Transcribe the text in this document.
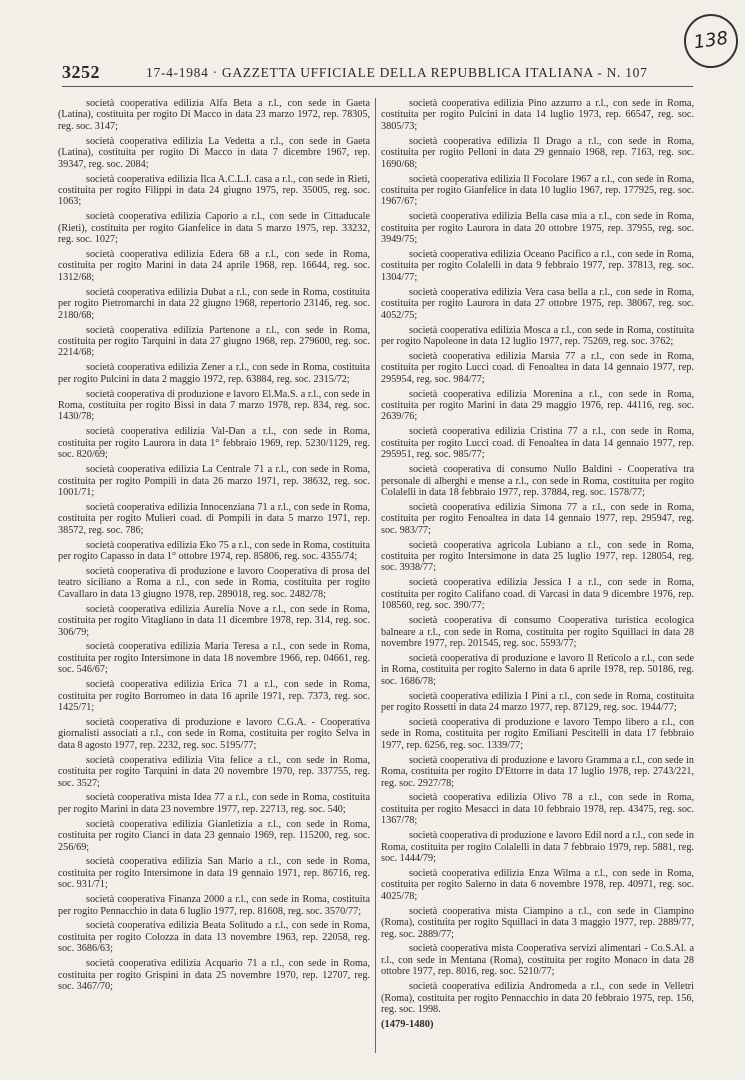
138
3252	17-4-1984 · GAZZETTA UFFICIALE DELLA REPUBBLICA ITALIANA - N. 107

società cooperativa edilizia Alfa Beta a r.l., con sede in Gaeta (Latina), costituita per rogito Di Macco in data 23 marzo 1972, rep. 78305, reg. soc. 3147;

società cooperativa edilizia La Vedetta a r.l., con sede in Gaeta (Latina), costituita per rogito Di Macco in data 7 dicembre 1967, rep. 39347, reg. soc. 2084;

società cooperativa edilizia Ilca A.C.L.I. casa a r.l., con sede in Rieti, costituita per rogito Filippi in data 24 giugno 1975, rep. 35005, reg. soc. 1063;

società cooperativa edilizia Caporio a r.l., con sede in Cittaducale (Rieti), costituita per rogito Gianfelice in data 5 marzo 1975, rep. 33232, reg. soc. 1027;

società cooperativa edilizia Edera 68 a r.l., con sede in Roma, costituita per rogito Marini in data 24 aprile 1968, rep. 16644, reg. soc. 1312/68;

società cooperativa edilizia Dubat a r.l., con sede in Roma, costituita per rogito Pietromarchi in data 22 giugno 1968, repertorio 23146, reg. soc. 2180/68;

società cooperativa edilizia Partenone a r.l., con sede in Roma, costituita per rogito Tarquini in data 27 giugno 1968, rep. 279600, reg. soc. 2214/68;

società cooperativa edilizia Zener a r.l., con sede in Roma, costituita per rogito Pulcini in data 2 maggio 1972, rep. 63884, reg. soc. 2315/72;

società cooperativa di produzione e lavoro El.Ma.S. a r.l., con sede in Roma, costituita per rogito Bissi in data 7 marzo 1978, rep. 834, reg. soc. 1430/78;

società cooperativa edilizia Val-Dan a r.l., con sede in Roma, costituita per rogito Laurora in data 1° febbraio 1969, rep. 5230/1129, reg. soc. 820/69;

società cooperativa edilizia La Centrale 71 a r.l., con sede in Roma, costituita per rogito Pompili in data 26 marzo 1971, rep. 38632, reg. soc. 1001/71;

società cooperativa edilizia Innocenziana 71 a r.l., con sede in Roma, costituita per rogito Mulieri coad. di Pompili in data 5 marzo 1971, rep. 38572, reg. soc. 786;

società cooperativa edilizia Eko 75 a r.l., con sede in Roma, costituita per rogito Capasso in data 1° ottobre 1974, rep. 85806, reg. soc. 4355/74;

società cooperativa di produzione e lavoro Cooperativa di prosa del teatro siciliano a Roma a r.l., con sede in Roma, costituita per rogito Cavallaro in data 13 giugno 1978, rep. 289018, reg. soc. 2482/78;

società cooperativa edilizia Aurelia Nove a r.l., con sede in Roma, costituita per rogito Vitagliano in data 11 dicembre 1978, rep. 314, reg. soc. 306/79;

società cooperativa edilizia Maria Teresa a r.l., con sede in Roma, costituita per rogito Intersimone in data 18 novembre 1966, rep. 04661, reg. soc. 546/67;

società cooperativa edilizia Erica 71 a r.l., con sede in Roma, costituita per rogito Borromeo in data 16 aprile 1971, rep. 7373, reg. soc. 1425/71;

società cooperativa di produzione e lavoro C.G.A. - Cooperativa giornalisti associati a r.l., con sede in Roma, costituita per rogito Selva in data 8 agosto 1977, rep. 2232, reg. soc. 5195/77;

società cooperativa edilizia Vita felice a r.l., con sede in Roma, costituita per rogito Tarquini in data 20 novembre 1970, rep. 337755, reg. soc. 3527;

società cooperativa mista Idea 77 a r.l., con sede in Roma, costituita per rogito Marini in data 23 novembre 1977, rep. 22713, reg. soc. 540;

società cooperativa edilizia Gianletizia a r.l., con sede in Roma, costituita per rogito Cianci in data 23 gennaio 1969, rep. 115200, reg. soc. 256/69;

società cooperativa edilizia San Mario a r.l., con sede in Roma, costituita per rogito Intersimone in data 19 gennaio 1971, rep. 86716, reg. soc. 931/71;

società cooperativa Finanza 2000 a r.l., con sede in Roma, costituita per rogito Pennacchio in data 6 luglio 1977, rep. 81608, reg. soc. 3570/77;

società cooperativa edilizia Beata Solitudo a r.l., con sede in Roma, costituita per rogito Colozza in data 13 novembre 1963, rep. 22058, reg. soc. 3686/63;

società cooperativa edilizia Acquario 71 a r.l., con sede in Roma, costituita per rogito Grispini in data 25 novembre 1970, rep. 12707, reg. soc. 3467/70;

società cooperativa edilizia Pino azzurro a r.l., con sede in Roma, costituita per rogito Pulcini in data 14 luglio 1973, rep. 66547, reg. soc. 3805/73;

società cooperativa edilizia Il Drago a r.l., con sede in Roma, costituita per rogito Pelloni in data 29 gennaio 1968, rep. 7163, reg. soc. 1690/68;

società cooperativa edilizia Il Focolare 1967 a r.l., con sede in Roma, costituita per rogito Gianfelice in data 10 luglio 1967, rep. 177925, reg. soc. 1967/67;

società cooperativa edilizia Bella casa mia a r.l., con sede in Roma, costituita per rogito Laurora in data 20 ottobre 1975, rep. 37955, reg. soc. 3949/75;

società cooperativa edilizia Oceano Pacifico a r.l., con sede in Roma, costituita per rogito Colalelli in data 9 febbraio 1977, rep. 37813, reg. soc. 1304/77;

società cooperativa edilizia Vera casa bella a r.l., con sede in Roma, costituita per rogito Laurora in data 27 ottobre 1975, rep. 38067, reg. soc. 4052/75;

società cooperativa edilizia Mosca a r.l., con sede in Roma, costituita per rogito Napoleone in data 12 luglio 1977, rep. 75269, reg. soc. 3762;

società cooperativa edilizia Marsia 77 a r.l., con sede in Roma, costituita per rogito Lucci coad. di Fenoaltea in data 14 gennaio 1977, rep. 295954, reg. soc. 984/77;

società cooperativa edilizia Morenina a r.l., con sede in Roma, costituita per rogito Marini in data 29 maggio 1976, rep. 44116, reg. soc. 2639/76;

società cooperativa edilizia Cristina 77 a r.l., con sede in Roma, costituita per rogito Lucci coad. di Fenoaltea in data 14 gennaio 1977, rep. 295951, reg. soc. 985/77;

società cooperativa di consumo Nullo Baldini - Cooperativa tra personale di alberghi e mense a r.l., con sede in Roma, costituita per rogito Colalelli in data 18 febbraio 1977, rep. 37884, reg. soc. 1578/77;

società cooperativa edilizia Simona 77 a r.l., con sede in Roma, costituita per rogito Fenoaltea in data 14 gennaio 1977, rep. 295947, reg. soc. 983/77;

società cooperativa agricola Lubiano a r.l., con sede in Roma, costituita per rogito Intersimone in data 25 luglio 1977, rep. 128054, reg. soc. 3938/77;

società cooperativa edilizia Jessica I a r.l., con sede in Roma, costituita per rogito Califano coad. di Varcasi in data 9 dicembre 1976, rep. 108560, reg. soc. 390/77;

società cooperativa di consumo Cooperativa turistica ecologica balneare a r.l., con sede in Roma, costituita per rogito Squillaci in data 28 novembre 1977, rep. 201545, reg. soc. 5593/77;

società cooperativa di produzione e lavoro Il Reticolo a r.l., con sede in Roma, costituita per rogito Salerno in data 6 aprile 1978, rep. 50186, reg. soc. 1686/78;

società cooperativa edilizia I Pini a r.l., con sede in Roma, costituita per rogito Rossetti in data 24 marzo 1977, rep. 87129, reg. soc. 1944/77;

società cooperativa di produzione e lavoro Tempo libero a r.l., con sede in Roma, costituita per rogito Emiliani Pescitelli in data 17 febbraio 1977, rep. 6256, reg. soc. 1339/77;

società cooperativa di produzione e lavoro Gramma a r.l., con sede in Roma, costituita per rogito D'Ettorre in data 17 luglio 1978, rep. 2743/221, reg. soc. 2927/78;

società cooperativa edilizia Olivo 78 a r.l., con sede in Roma, costituita per rogito Mesacci in data 10 febbraio 1978, rep. 43475, reg. soc. 1367/78;

società cooperativa di produzione e lavoro Edil nord a r.l., con sede in Roma, costituita per rogito Colalelli in data 7 febbraio 1979, rep. 5881, reg. soc. 1444/79;

società cooperativa edilizia Enza Wilma a r.l., con sede in Roma, costituita per rogito Salerno in data 6 novembre 1978, rep. 40971, reg. soc. 4025/78;

società cooperativa mista Ciampino a r.l., con sede in Ciampino (Roma), costituita per rogito Squillaci in data 3 maggio 1977, rep. 2889/77, reg. soc. 2889/77;

società cooperativa mista Cooperativa servizi alimentari - Co.S.Al. a r.l., con sede in Mentana (Roma), costituita per rogito Monaco in data 28 ottobre 1977, rep. 8016, reg. soc. 5210/77;

società cooperativa edilizia Andromeda a r.l., con sede in Velletri (Roma), costituita per rogito Pennacchio in data 20 febbraio 1975, rep. 156, reg. soc. 1998.

(1479-1480)
